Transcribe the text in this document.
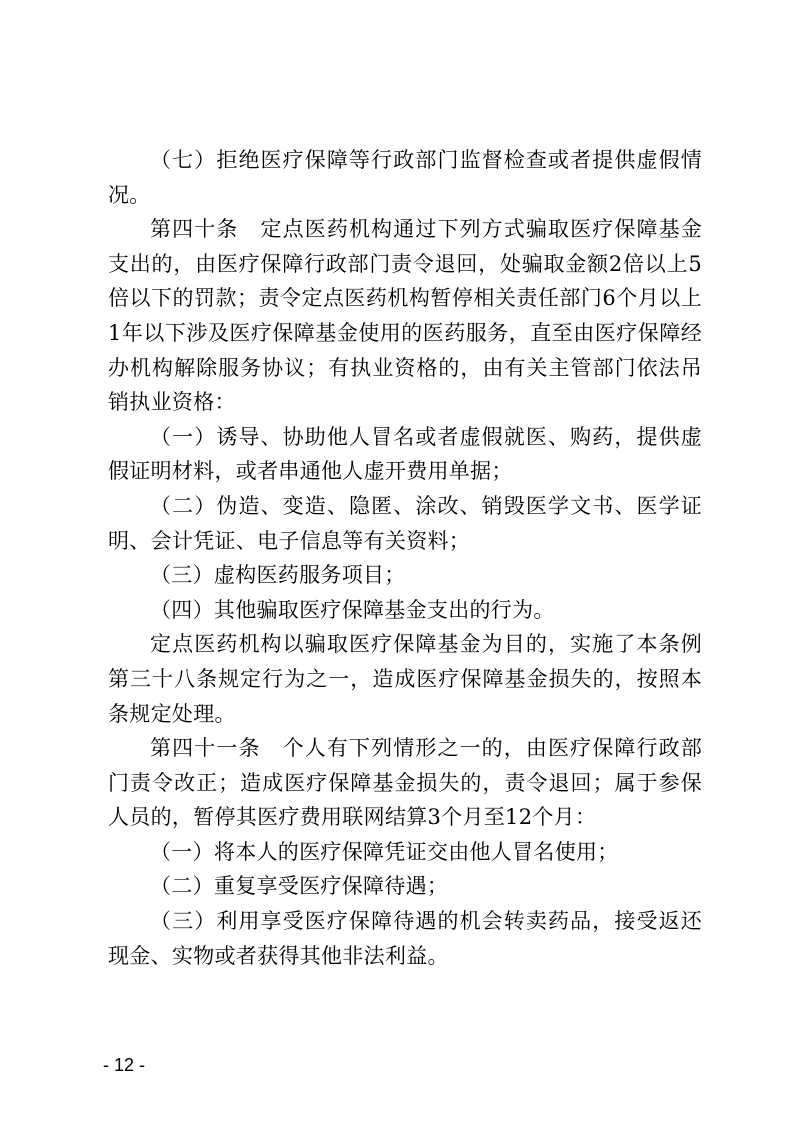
（七）拒绝医疗保障等行政部门监督检查或者提供虚假情况。

第四十条　定点医药机构通过下列方式骗取医疗保障基金支出的，由医疗保障行政部门责令退回，处骗取金额2倍以上5倍以下的罚款；责令定点医药机构暂停相关责任部门6个月以上1年以下涉及医疗保障基金使用的医药服务，直至由医疗保障经办机构解除服务协议；有执业资格的，由有关主管部门依法吊销执业资格：

（一）诱导、协助他人冒名或者虚假就医、购药，提供虚假证明材料，或者串通他人虚开费用单据；

（二）伪造、变造、隐匿、涂改、销毁医学文书、医学证明、会计凭证、电子信息等有关资料；

（三）虚构医药服务项目；

（四）其他骗取医疗保障基金支出的行为。

定点医药机构以骗取医疗保障基金为目的，实施了本条例第三十八条规定行为之一，造成医疗保障基金损失的，按照本条规定处理。

第四十一条　个人有下列情形之一的，由医疗保障行政部门责令改正；造成医疗保障基金损失的，责令退回；属于参保人员的，暂停其医疗费用联网结算3个月至12个月：

（一）将本人的医疗保障凭证交由他人冒名使用；

（二）重复享受医疗保障待遇；

（三）利用享受医疗保障待遇的机会转卖药品，接受返还现金、实物或者获得其他非法利益。

- 12 -
